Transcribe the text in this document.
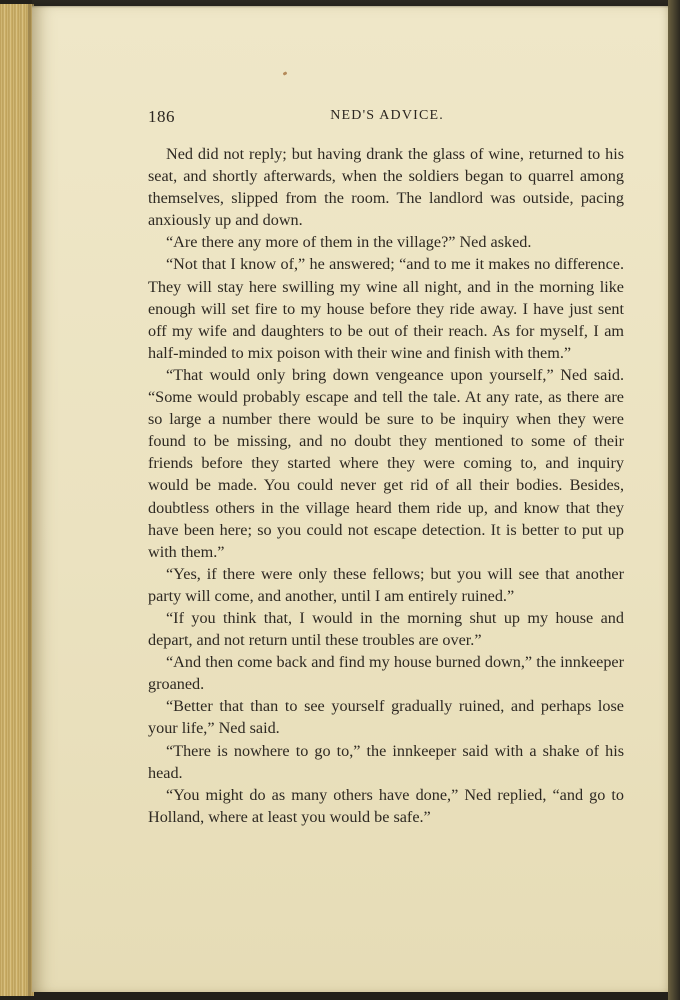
186	NED'S ADVICE.

Ned did not reply; but having drank the glass of wine, returned to his seat, and shortly afterwards, when the soldiers began to quarrel among themselves, slipped from the room. The landlord was outside, pacing anxiously up and down.

“Are there any more of them in the village?” Ned asked.

“Not that I know of,” he answered; “and to me it makes no difference. They will stay here swilling my wine all night, and in the morning like enough will set fire to my house before they ride away. I have just sent off my wife and daughters to be out of their reach. As for myself, I am half-minded to mix poison with their wine and finish with them.”

“That would only bring down vengeance upon yourself,” Ned said. “Some would probably escape and tell the tale. At any rate, as there are so large a number there would be sure to be inquiry when they were found to be missing, and no doubt they mentioned to some of their friends before they started where they were coming to, and inquiry would be made. You could never get rid of all their bodies. Besides, doubtless others in the village heard them ride up, and know that they have been here; so you could not escape detection. It is better to put up with them.”

“Yes, if there were only these fellows; but you will see that another party will come, and another, until I am entirely ruined.”

“If you think that, I would in the morning shut up my house and depart, and not return until these troubles are over.”

“And then come back and find my house burned down,” the innkeeper groaned.

“Better that than to see yourself gradually ruined, and perhaps lose your life,” Ned said.

“There is nowhere to go to,” the innkeeper said with a shake of his head.

“You might do as many others have done,” Ned replied, “and go to Holland, where at least you would be safe.”
